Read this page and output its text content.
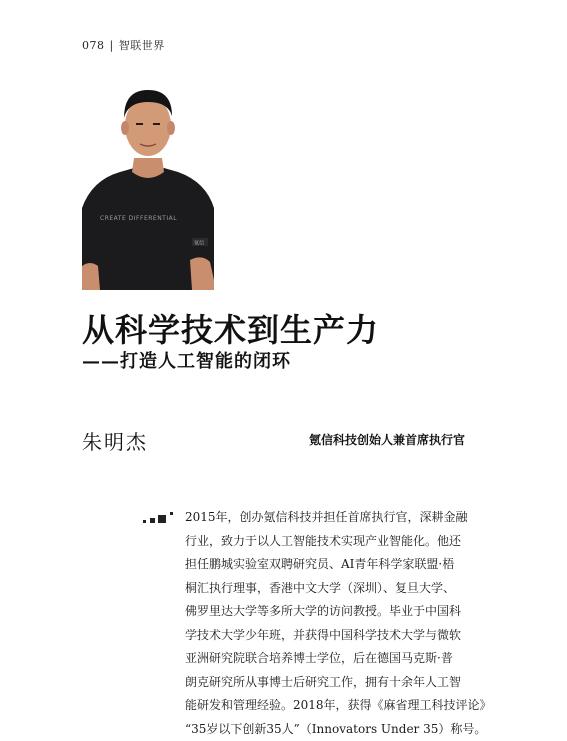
078 | 智联世界
CREATE DIFFERENTIAL
氪信
从科学技术到生产力
——打造人工智能的闭环
朱明杰	氪信科技创始人兼首席执行官
2015年，创办氪信科技并担任首席执行官，深耕金融
行业，致力于以人工智能技术实现产业智能化。他还
担任鹏城实验室双聘研究员、AI青年科学家联盟·梧
桐汇执行理事，香港中文大学（深圳）、复旦大学、
佛罗里达大学等多所大学的访问教授。毕业于中国科
学技术大学少年班，并获得中国科学技术大学与微软
亚洲研究院联合培养博士学位，后在德国马克斯·普
朗克研究所从事博士后研究工作，拥有十余年人工智
能研发和管理经验。2018年，获得《麻省理工科技评论》
“35岁以下创新35人”（Innovators Under 35）称号。
